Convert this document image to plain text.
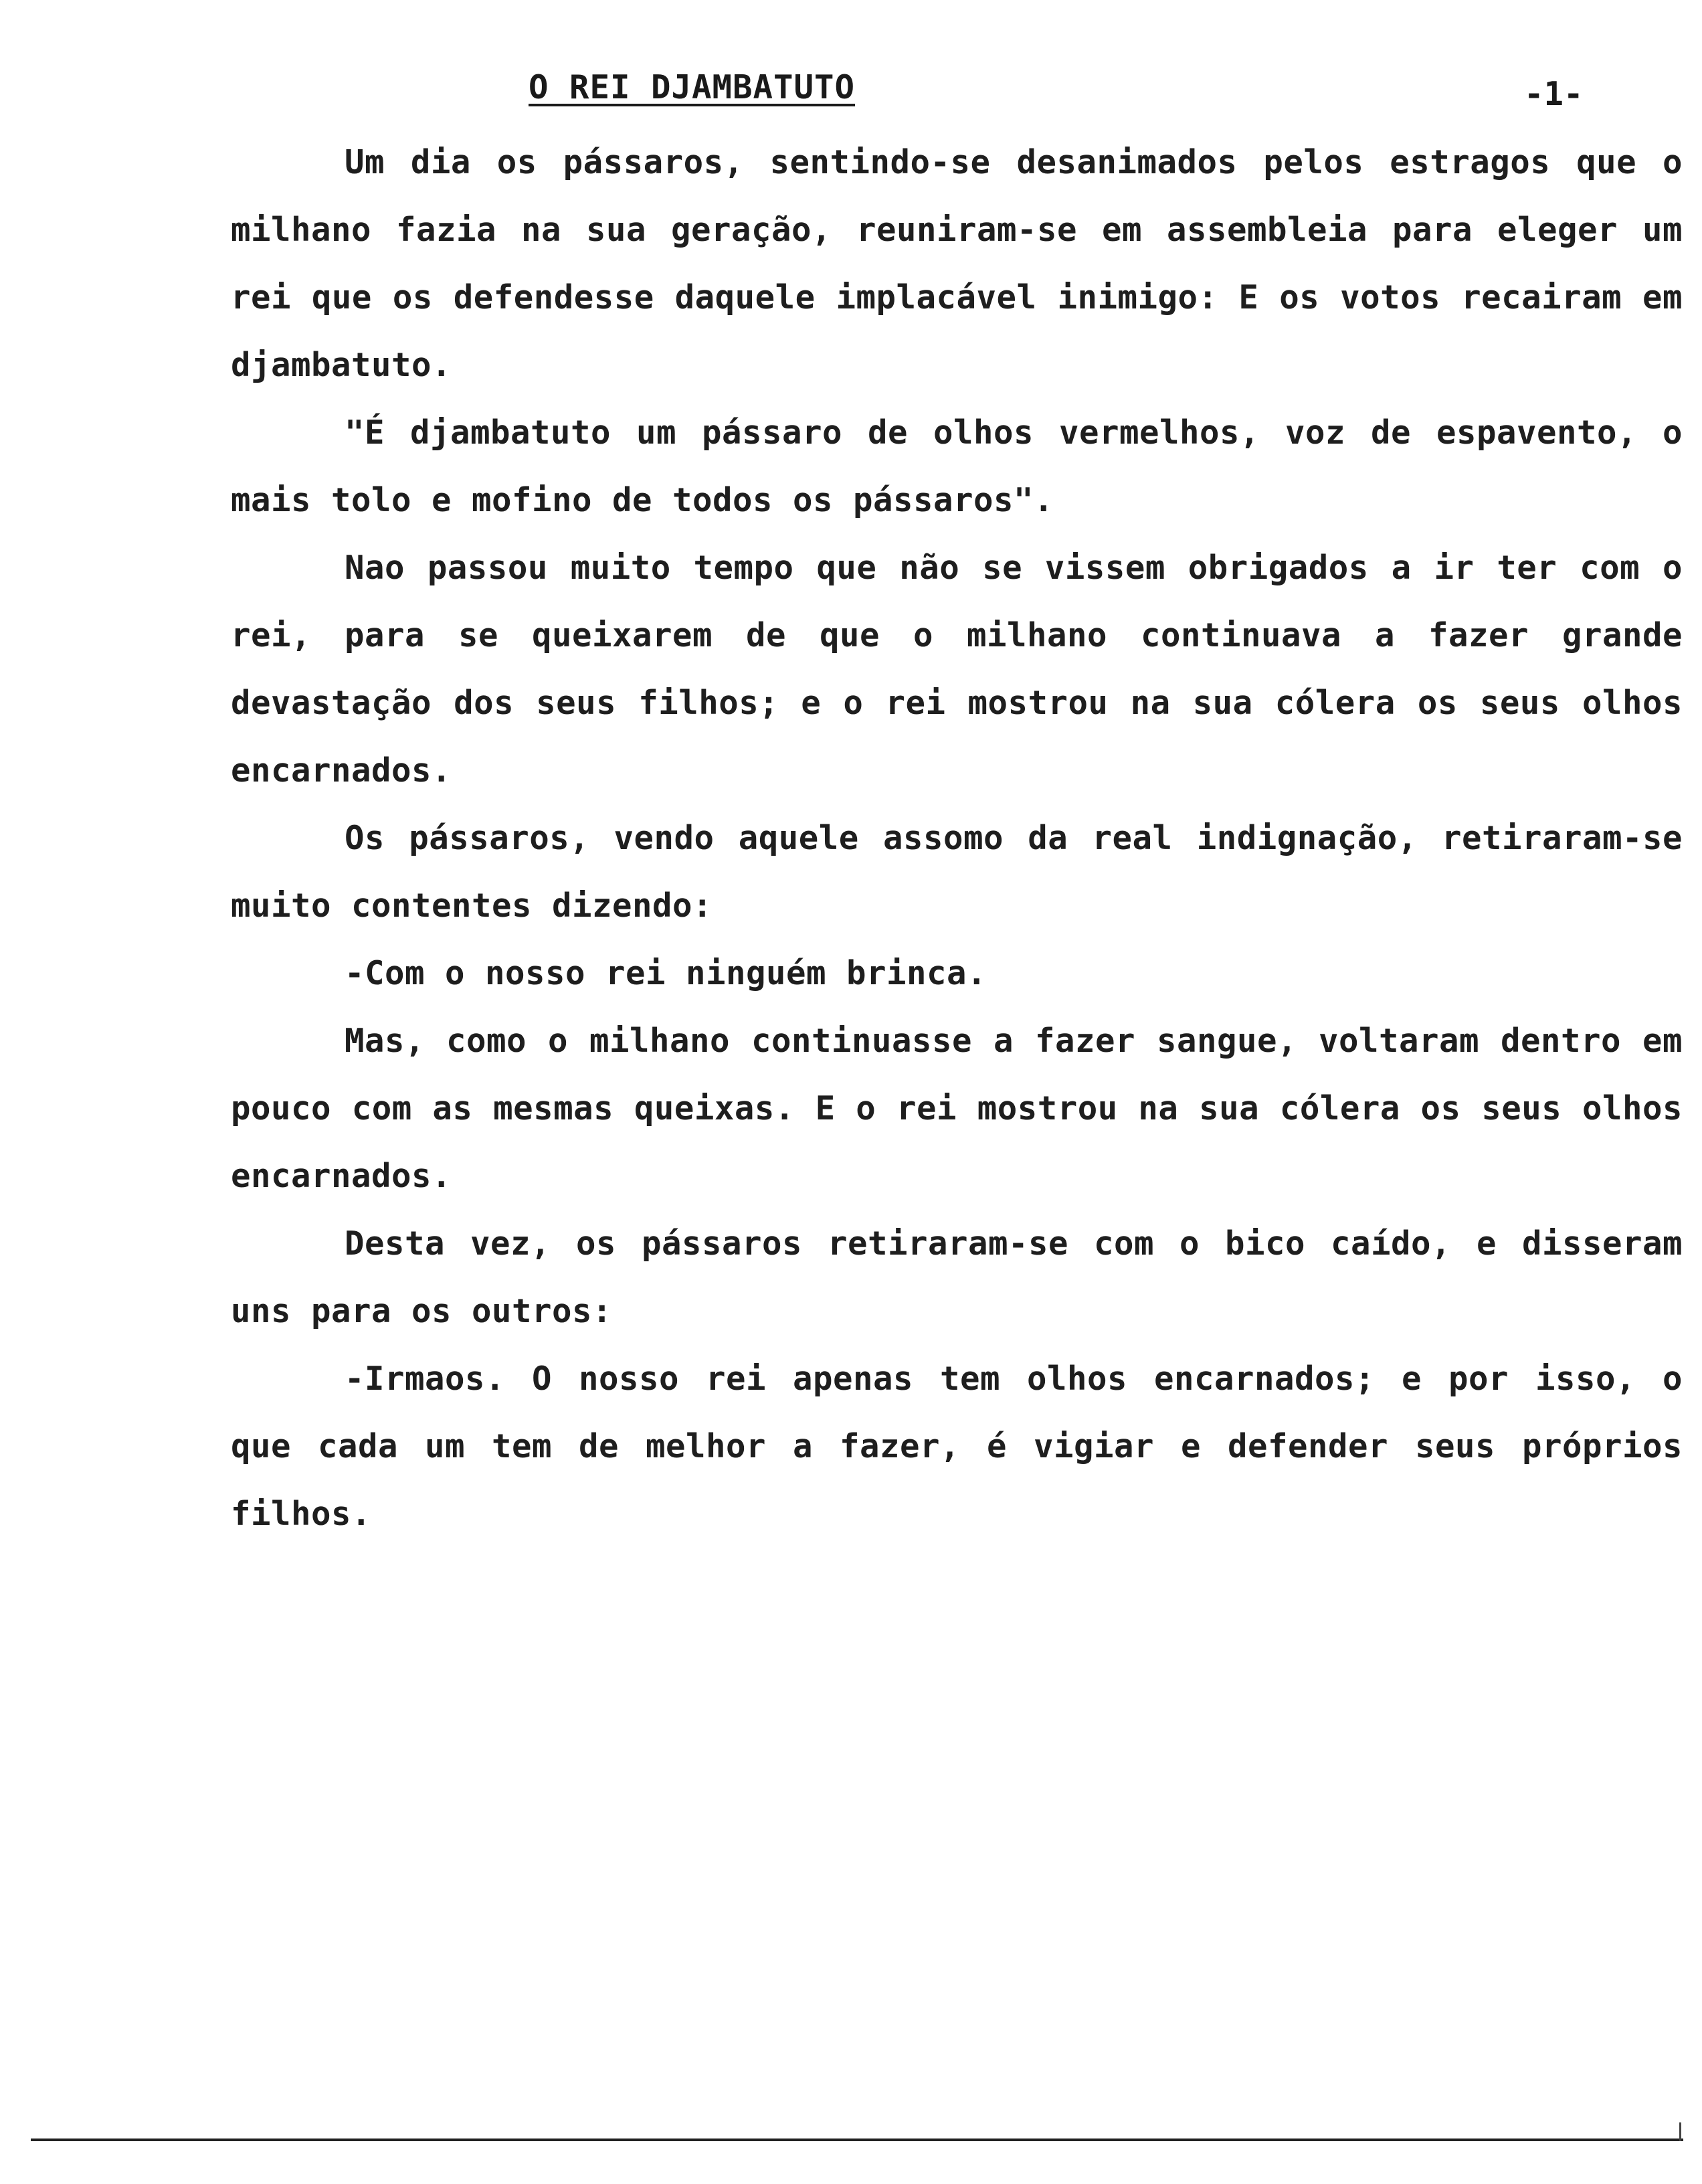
O REI DJAMBATUTO	-1-

Um dia os pássaros, sentindo-se desanimados pelos estragos que o milhano fazia na sua geração, reuniram-se em assembleia para eleger um rei que os defendesse daquele implacável inimigo: E os votos recairam em djambatuto.

"É djambatuto um pássaro de olhos vermelhos, voz de espavento, o mais tolo e mofino de todos os pássaros".

Nao passou muito tempo que não se vissem obrigados a ir ter com o rei, para se queixarem de que o milhano continuava a fazer grande devastação dos seus filhos; e o rei mostrou na sua cólera os seus olhos encarnados.

Os pássaros, vendo aquele assomo da real indignação, retiraram-se muito contentes dizendo:

-Com o nosso rei ninguém brinca.

Mas, como o milhano continuasse a fazer sangue, voltaram dentro em pouco com as mesmas queixas. E o rei mostrou na sua cólera os seus olhos encarnados.

Desta vez, os pássaros retiraram-se com o bico caído, e disseram uns para os outros:

-Irmaos. O nosso rei apenas tem olhos encarnados; e por isso, o que cada um tem de melhor a fazer, é vigiar e defender seus próprios filhos.
